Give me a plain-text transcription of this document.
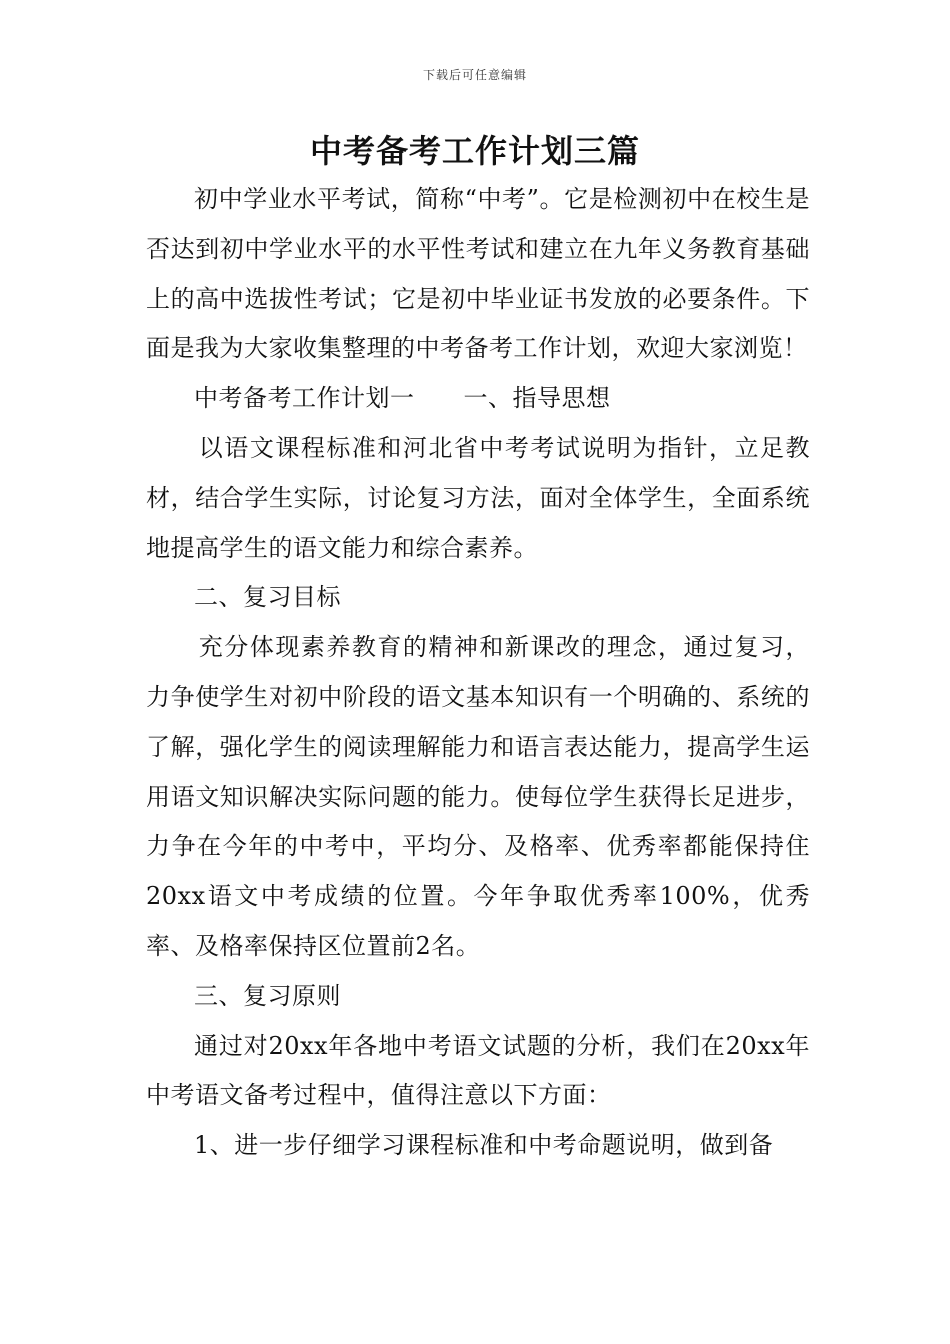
下载后可任意编辑
中考备考工作计划三篇

初中学业水平考试，简称“中考”。它是检测初中在校生是否达到初中学业水平的水平性考试和建立在九年义务教育基础上的高中选拔性考试；它是初中毕业证书发放的必要条件。下面是我为大家收集整理的中考备考工作计划，欢迎大家浏览！

中考备考工作计划一　　一、指导思想

以语文课程标准和河北省中考考试说明为指针，立足教材，结合学生实际，讨论复习方法，面对全体学生，全面系统地提高学生的语文能力和综合素养。

二、复习目标

充分体现素养教育的精神和新课改的理念，通过复习，力争使学生对初中阶段的语文基本知识有一个明确的、系统的了解，强化学生的阅读理解能力和语言表达能力，提高学生运用语文知识解决实际问题的能力。使每位学生获得长足进步，力争在今年的中考中，平均分、及格率、优秀率都能保持住20xx语文中考成绩的位置。今年争取优秀率100%，优秀率、及格率保持区位置前2名。

三、复习原则

通过对20xx年各地中考语文试题的分析，我们在20xx年中考语文备考过程中，值得注意以下方面：

1、进一步仔细学习课程标准和中考命题说明，做到备
